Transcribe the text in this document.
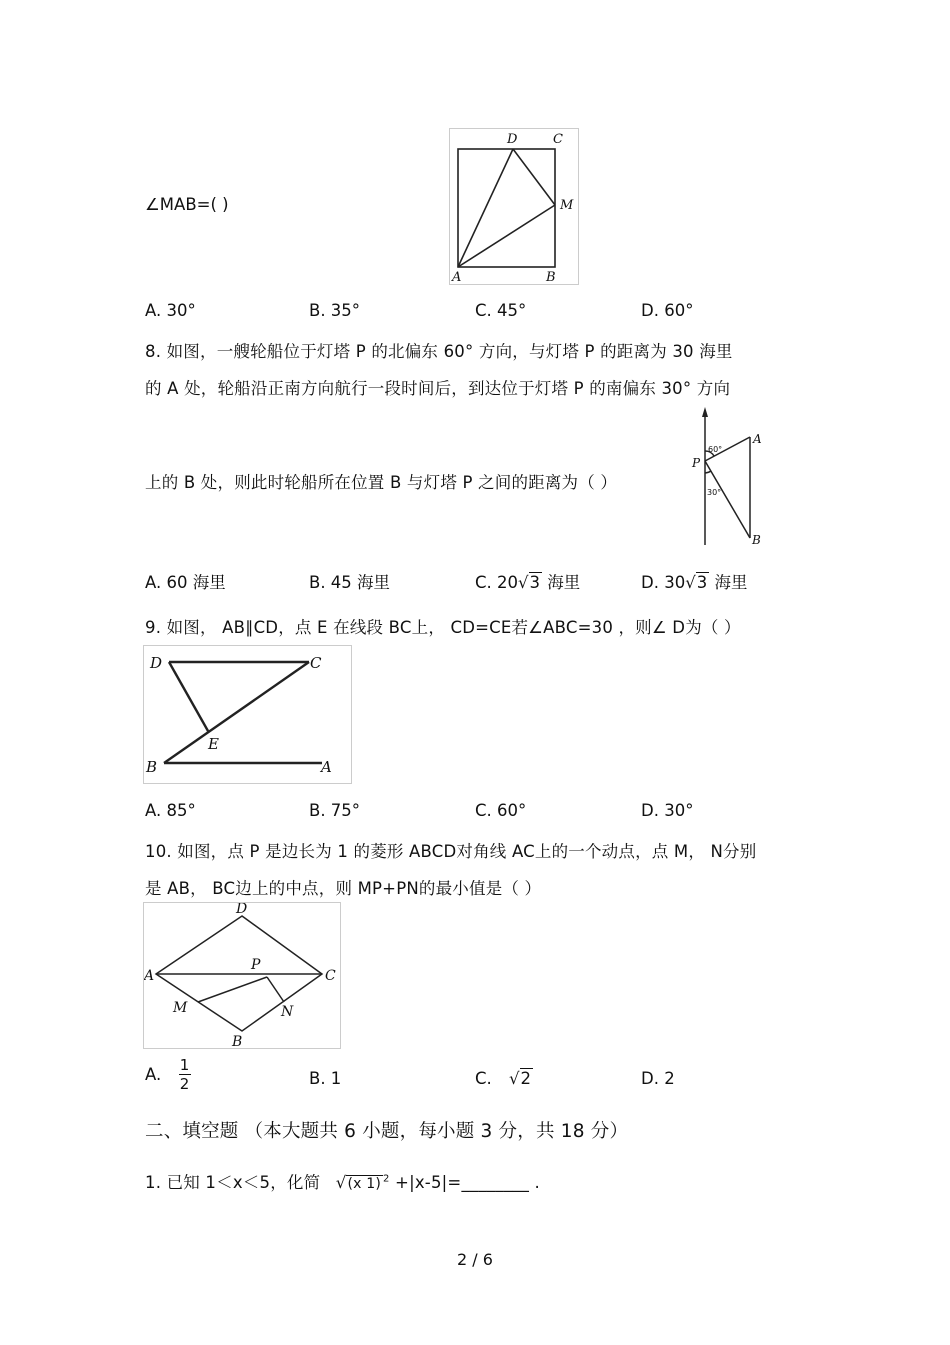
∠MAB=( )
D	C
M
A	B
A. 30°	B. 35°	C. 45°	D. 60°
8. 如图，一艘轮船位于灯塔 P 的北偏东 60° 方向，与灯塔 P 的距离为 30 海里
的 A 处，轮船沿正南方向航行一段时间后，到达位于灯塔 P 的南偏东 30° 方向
上的 B 处，则此时轮船所在位置 B 与灯塔 P 之间的距离为（ ）
A
P
B
60°
30°
A. 60 海里	B. 45 海里	C. 20√3 海里	D. 30√3 海里
9. 如图， AB∥CD，点 E 在线段 BC上， CD=CE若∠ABC=30 ，则∠ D为（ ）
D	C
E
B	A
A. 85°	B. 75°	C. 60°	D. 30°
10. 如图，点 P 是边长为 1 的菱形 ABCD对角线 AC上的一个动点，点 M， N分别
是 AB， BC边上的中点，则 MP+PN的最小值是（ ）
D
A
P
C
M	N
B
A. $\frac{1}{2}$	B. 1	C. √2	D. 2
二、填空题 （本大题共 6 小题，每小题 3 分，共 18 分）
1. 已知 1＜x＜5，化简 √(x 1) $^2$ +|x-5|=________ .
2 / 6
